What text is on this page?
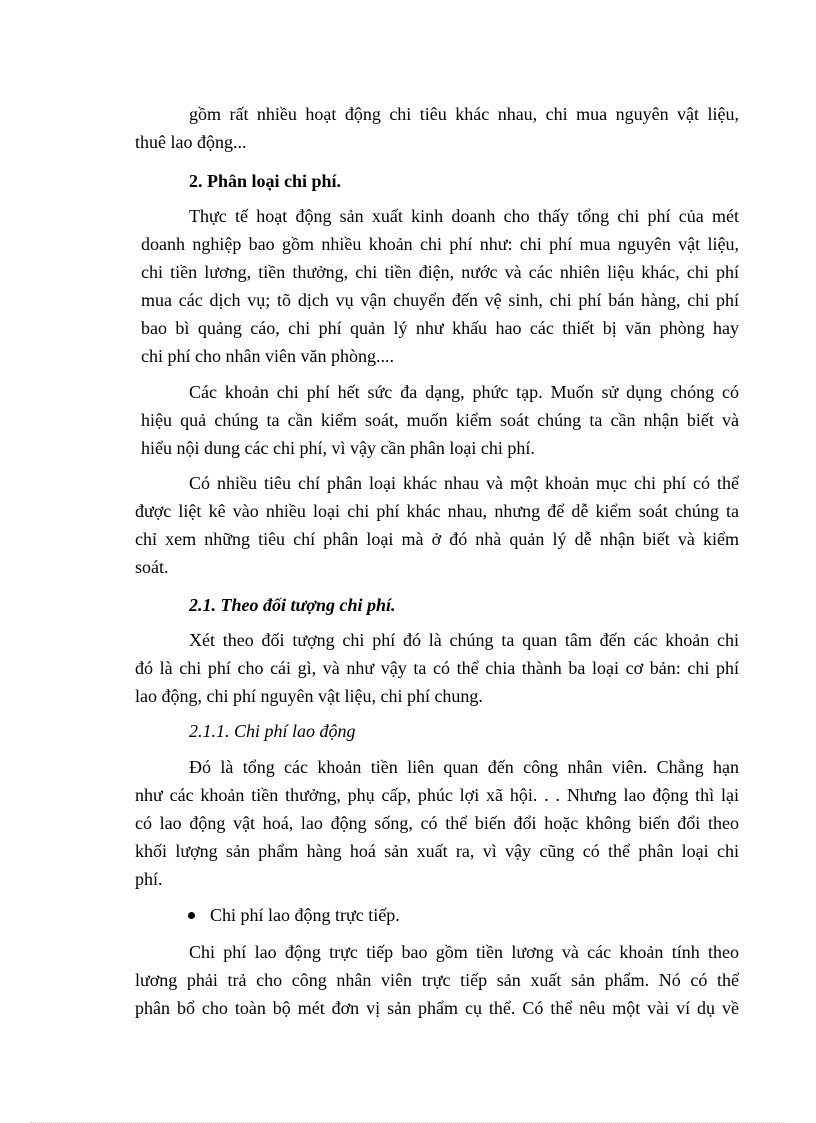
gồm rất nhiều hoạt động chi tiêu khác nhau, chi mua nguyên vật liệu,
thuê lao động...
2. Phân loại chi phí.
Thực tế hoạt động sản xuất kinh doanh cho thấy tổng chi phí của mét
doanh nghiệp bao gồm nhiều khoản chi phí như: chi phí mua nguyên vật liệu,
chi tiền lương, tiền thưởng, chi tiền điện, nước và các nhiên liệu khác, chi phí
mua các dịch vụ; tõ dịch vụ vận chuyển đến vệ sinh, chi phí bán hàng, chi phí
bao bì quảng cáo, chi phí quản lý như khấu hao các thiết bị văn phòng hay
chi phí cho nhân viên văn phòng....
Các khoản chi phí hết sức đa dạng, phức tạp. Muốn sử dụng chóng có
hiệu quả chúng ta cần kiểm soát, muốn kiểm soát chúng ta cần nhận biết và
hiểu nội dung các chi phí, vì vậy cần phân loại chi phí.
Có nhiều tiêu chí phân loại khác nhau và một khoản mục chi phí có thể
được liệt kê vào nhiều loại chi phí khác nhau, nhưng để dễ kiểm soát chúng ta
chỉ xem những tiêu chí phân loại mà ở đó nhà quản lý dễ nhận biết và kiểm
soát.
2.1. Theo đối tượng chi phí.
Xét theo đối tượng chi phí đó là chúng ta quan tâm đến các khoản chi
đó là chi phí cho cái gì, và như vậy ta có thể chia thành ba loại cơ bản: chi phí
lao động, chi phí nguyên vật liệu, chi phí chung.
2.1.1. Chi phí lao động
Đó là tổng các khoản tiền liên quan đến công nhân viên. Chẳng hạn
như các khoản tiền thưởng, phụ cấp, phúc lợi xã hội. . . Nhưng lao động thì lại
có lao động vật hoá, lao động sống, có thể biến đổi hoặc không biến đổi theo
khối lượng sản phẩm hàng hoá sản xuất ra, vì vậy cũng có thể phân loại chi
phí.
Chi phí lao động trực tiếp.
Chi phí lao động trực tiếp bao gồm tiền lương và các khoản tính theo
lương phải trả cho công nhân viên trực tiếp sản xuất sản phẩm. Nó có thể
phân bổ cho toàn bộ mét đơn vị sản phẩm cụ thể. Có thể nêu một vài ví dụ về
